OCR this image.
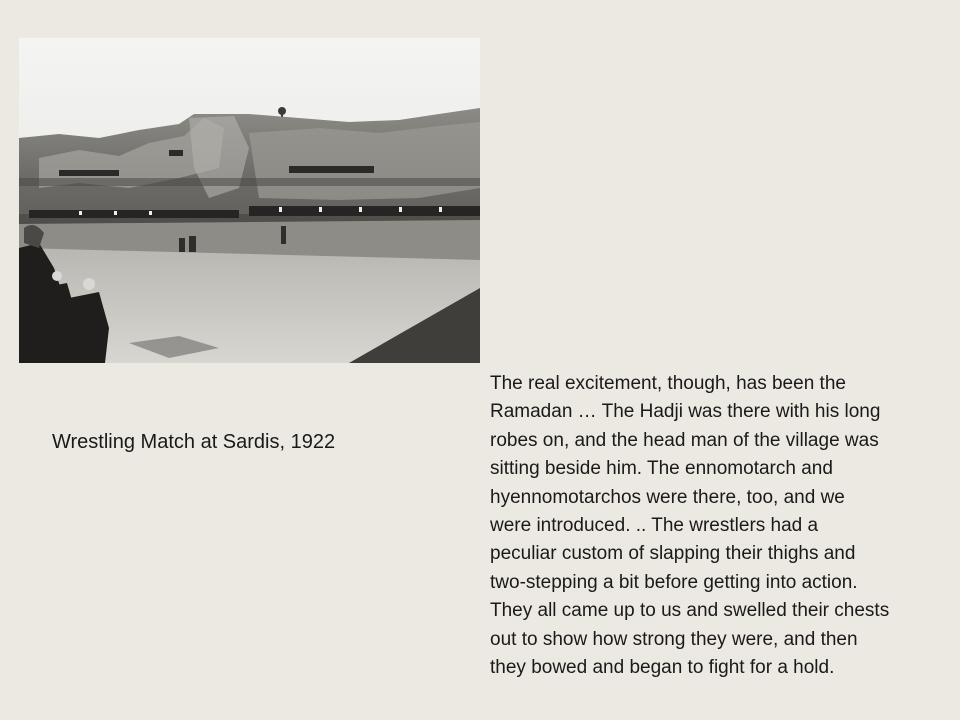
Wrestling Match at Sardis, 1922

The real excitement, though, has been the
Ramadan … The Hadji was there with his long
robes on, and the head man of the village was
sitting beside him. The ennomotarch and
hyennomotarchos were there, too, and we
were introduced. .. The wrestlers had a
peculiar custom of slapping their thighs and
two-stepping a bit before getting into action.
They all came up to us and swelled their chests
out to show how strong they were, and then
they bowed and began to fight for a hold.
